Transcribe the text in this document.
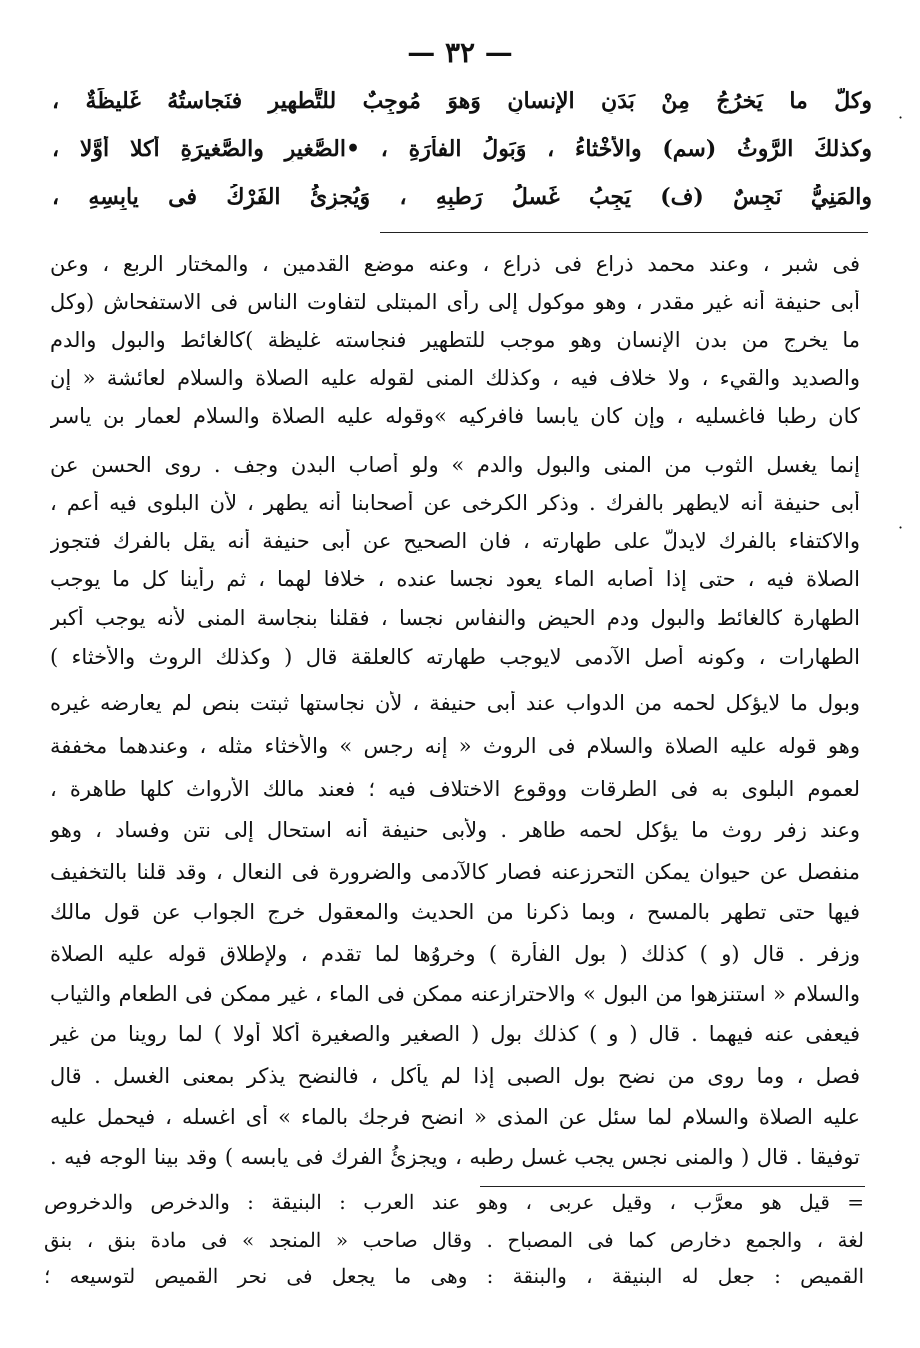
— ٣٢ —
وكلُّ ما يَخرُجُ مِنْ بَدَنِ الإنسانِ وَهوَ مُوجِبٌ للتَّطهيرِ فنَجاستُهُ غَليظَةٌ ،
وكذلكَ الرَّوثُ (سم) والأخْثاءُ ، وَبَولُ الفأرَةِ ، •الصَّغيرِ والصَّغيرَةِ أكلا أوَّلا ،
والمَنِيُّ نَجِسٌ (ف) يَجِبُ غَسلُ رَطبِهِ ، وَيُجزِئُ الفَرْكُ فى يابِسِهِ ،
فى شبر ، وعند محمد ذراع فى ذراع ، وعنه موضع القدمين ، والمختار الربع ، وعن
أبى حنيفة أنه غير مقدر ، وهو موكول إلى رأى المبتلى لتفاوت الناس فى الاستفحاش (وكل
ما يخرج من بدن الإنسان وهو موجب للتطهير فنجاسته غليظة )كالغائط والبول والدم
والصديد والقيء ، ولا خلاف فيه ، وكذلك المنى لقوله عليه الصلاة والسلام لعائشة « إن
كان رطبا فاغسليه ، وإن كان يابسا فافركيه »وقوله عليه الصلاة والسلام لعمار بن ياسر
إنما يغسل الثوب من المنى والبول والدم » ولو أصاب البدن وجف . روى الحسن عن
أبى حنيفة أنه لايطهر بالفرك . وذكر الكرخى عن أصحابنا أنه يطهر ، لأن البلوى فيه أعم ،
والاكتفاء بالفرك لايدلُّ على طهارته ، فان الصحيح عن أبى حنيفة أنه يقل بالفرك فتجوز
الصلاة فيه ، حتى إذا أصابه الماء يعود نجسا عنده ، خلافا لهما ، ثم رأينا كل ما يوجب
الطهارة كالغائط والبول ودم الحيض والنفاس نجسا ، فقلنا بنجاسة المنى لأنه يوجب أكبر
الطهارات ، وكونه أصل الآدمى لايوجب طهارته كالعلقة قال ( وكذلك الروث والأخثاء )
وبول ما لايؤكل لحمه من الدواب عند أبى حنيفة ، لأن نجاستها ثبتت بنص لم يعارضه غيره
وهو قوله عليه الصلاة والسلام فى الروث « إنه رجس » والأخثاء مثله ، وعندهما مخففة
لعموم البلوى به فى الطرقات ووقوع الاختلاف فيه ؛ فعند مالك الأرواث كلها طاهرة ،
وعند زفر روث ما يؤكل لحمه طاهر . ولأبى حنيفة أنه استحال إلى نتن وفساد ، وهو
منفصل عن حيوان يمكن التحرزعنه فصار كالآدمى والضرورة فى النعال ، وقد قلنا بالتخفيف
فيها حتى تطهر بالمسح ، وبما ذكرنا من الحديث والمعقول خرج الجواب عن قول مالك
وزفر . قال (و ) كذلك ( بول الفأرة ) وخروُها لما تقدم ، ولإطلاق قوله عليه الصلاة
والسلام « استنزهوا من البول » والاحترازعنه ممكن فى الماء ، غير ممكن فى الطعام والثياب
فيعفى عنه فيهما . قال ( و ) كذلك بول ( الصغير والصغيرة أكلا أولا ) لما روينا من غير
فصل ، وما روى من نضح بول الصبى إذا لم يأكل ، فالنضح يذكر بمعنى الغسل . قال
عليه الصلاة والسلام لما سئل عن المذى « انضح فرجك بالماء » أى اغسله ، فيحمل عليه
توفيقا . قال ( والمنى نجس يجب غسل رطبه ، ويجزئُ الفرك فى يابسه ) وقد بينا الوجه فيه .
= قيل هو معرَّب ، وقيل عربى ، وهو عند العرب : البنيقة : والدخرص والدخروص
لغة ، والجمع دخارص كما فى المصباح . وقال صاحب « المنجد » فى مادة بنق ، بنق
القميص : جعل له البنيقة ، والبنقة : وهى ما يجعل فى نحر القميص لتوسيعه ؛
·
·
